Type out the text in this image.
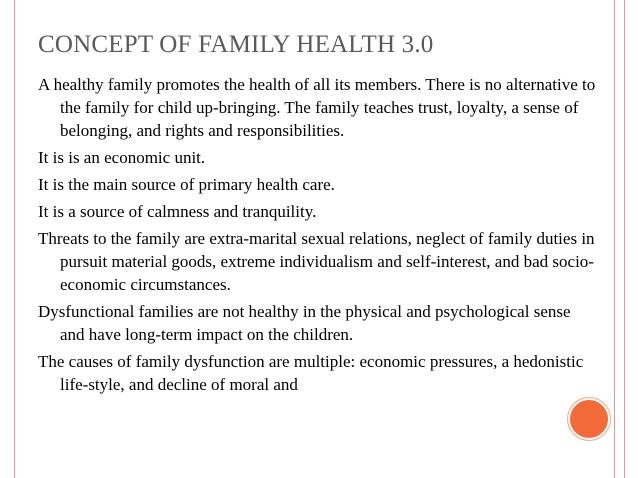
CONCEPT OF FAMILY HEALTH 3.0
A healthy family promotes the health of all its members. There is no alternative to the family for child up-bringing. The family teaches trust, loyalty, a sense of belonging, and rights and responsibilities.
It is is an economic unit.
It is the main source of primary health care.
It is a source of calmness and tranquility.
Threats to the family are extra-marital sexual relations, neglect of family duties in pursuit material goods, extreme individualism and self-interest, and bad socio-economic circumstances.
Dysfunctional families are not healthy in the physical and psychological sense and have long-term impact on the children.
The causes of family dysfunction are multiple: economic pressures, a hedonistic life-style, and decline of moral and
